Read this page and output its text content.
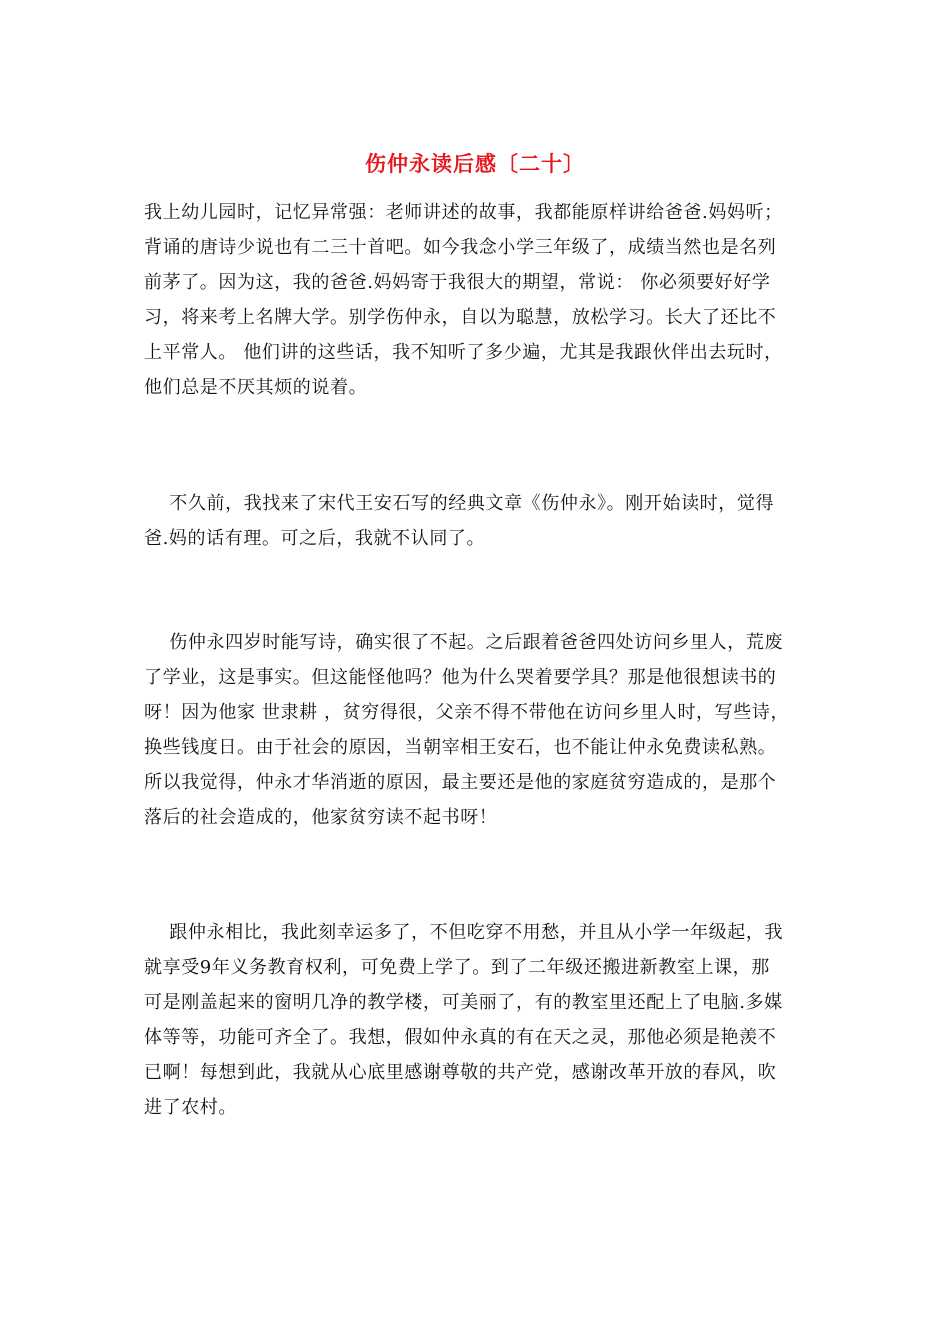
伤仲永读后感〔二十〕
我上幼儿园时，记忆异常强：老师讲述的故事，我都能原样讲给爸爸.妈妈听；
背诵的唐诗少说也有二三十首吧。如今我念小学三年级了，成绩当然也是名列
前茅了。因为这，我的爸爸.妈妈寄于我很大的期望，常说： 你必须要好好学
习，将来考上名牌大学。别学伤仲永，自以为聪慧，放松学习。长大了还比不
上平常人。 他们讲的这些话，我不知听了多少遍，尤其是我跟伙伴出去玩时，
他们总是不厌其烦的说着。
不久前，我找来了宋代王安石写的经典文章《伤仲永》。刚开始读时，觉得
爸.妈的话有理。可之后，我就不认同了。
伤仲永四岁时能写诗，确实很了不起。之后跟着爸爸四处访问乡里人，荒废
了学业，这是事实。但这能怪他吗？他为什么哭着要学具？那是他很想读书的
呀！因为他家 世隶耕 ，贫穷得很，父亲不得不带他在访问乡里人时，写些诗，
换些钱度日。由于社会的原因，当朝宰相王安石，也不能让仲永免费读私熟。
所以我觉得，仲永才华消逝的原因，最主要还是他的家庭贫穷造成的，是那个
落后的社会造成的，他家贫穷读不起书呀！
跟仲永相比，我此刻幸运多了，不但吃穿不用愁，并且从小学一年级起，我
就享受9年义务教育权利，可免费上学了。到了二年级还搬进新教室上课，那
可是刚盖起来的窗明几净的教学楼，可美丽了，有的教室里还配上了电脑.多媒
体等等，功能可齐全了。我想，假如仲永真的有在天之灵，那他必须是艳羡不
已啊！每想到此，我就从心底里感谢尊敬的共产党，感谢改革开放的春风，吹
进了农村。
